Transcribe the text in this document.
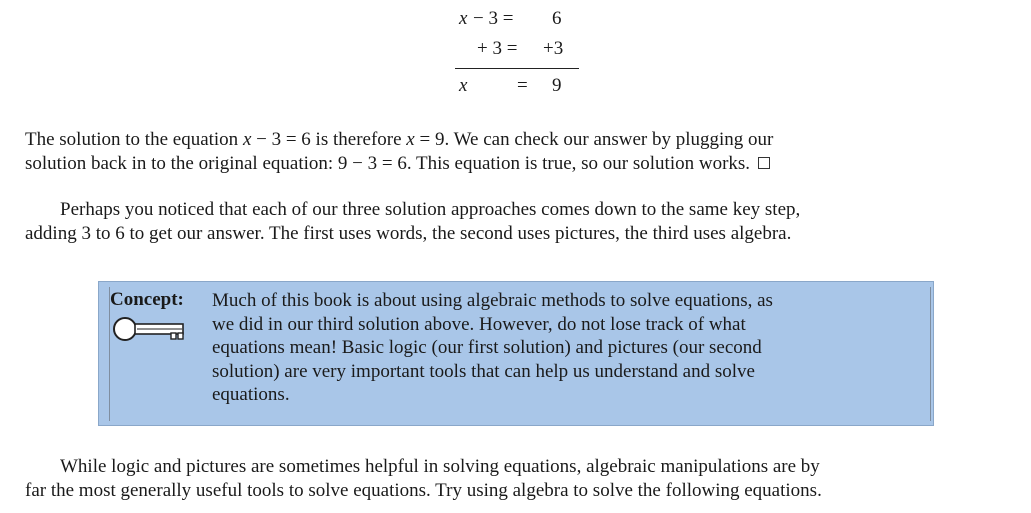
x − 3 = 6
+ 3 = +3
x	= 9

The solution to the equation x − 3 = 6 is therefore x = 9. We can check our answer by plugging our
solution back in to the original equation: 9 − 3 = 6. This equation is true, so our solution works.

Perhaps you noticed that each of our three solution approaches comes down to the same key step,
adding 3 to 6 to get our answer. The first uses words, the second uses pictures, the third uses algebra.

Concept: Much of this book is about using algebraic methods to solve equations, as
we did in our third solution above. However, do not lose track of what
equations mean! Basic logic (our first solution) and pictures (our second
solution) are very important tools that can help us understand and solve
equations.

While logic and pictures are sometimes helpful in solving equations, algebraic manipulations are by
far the most generally useful tools to solve equations. Try using algebra to solve the following equations.
